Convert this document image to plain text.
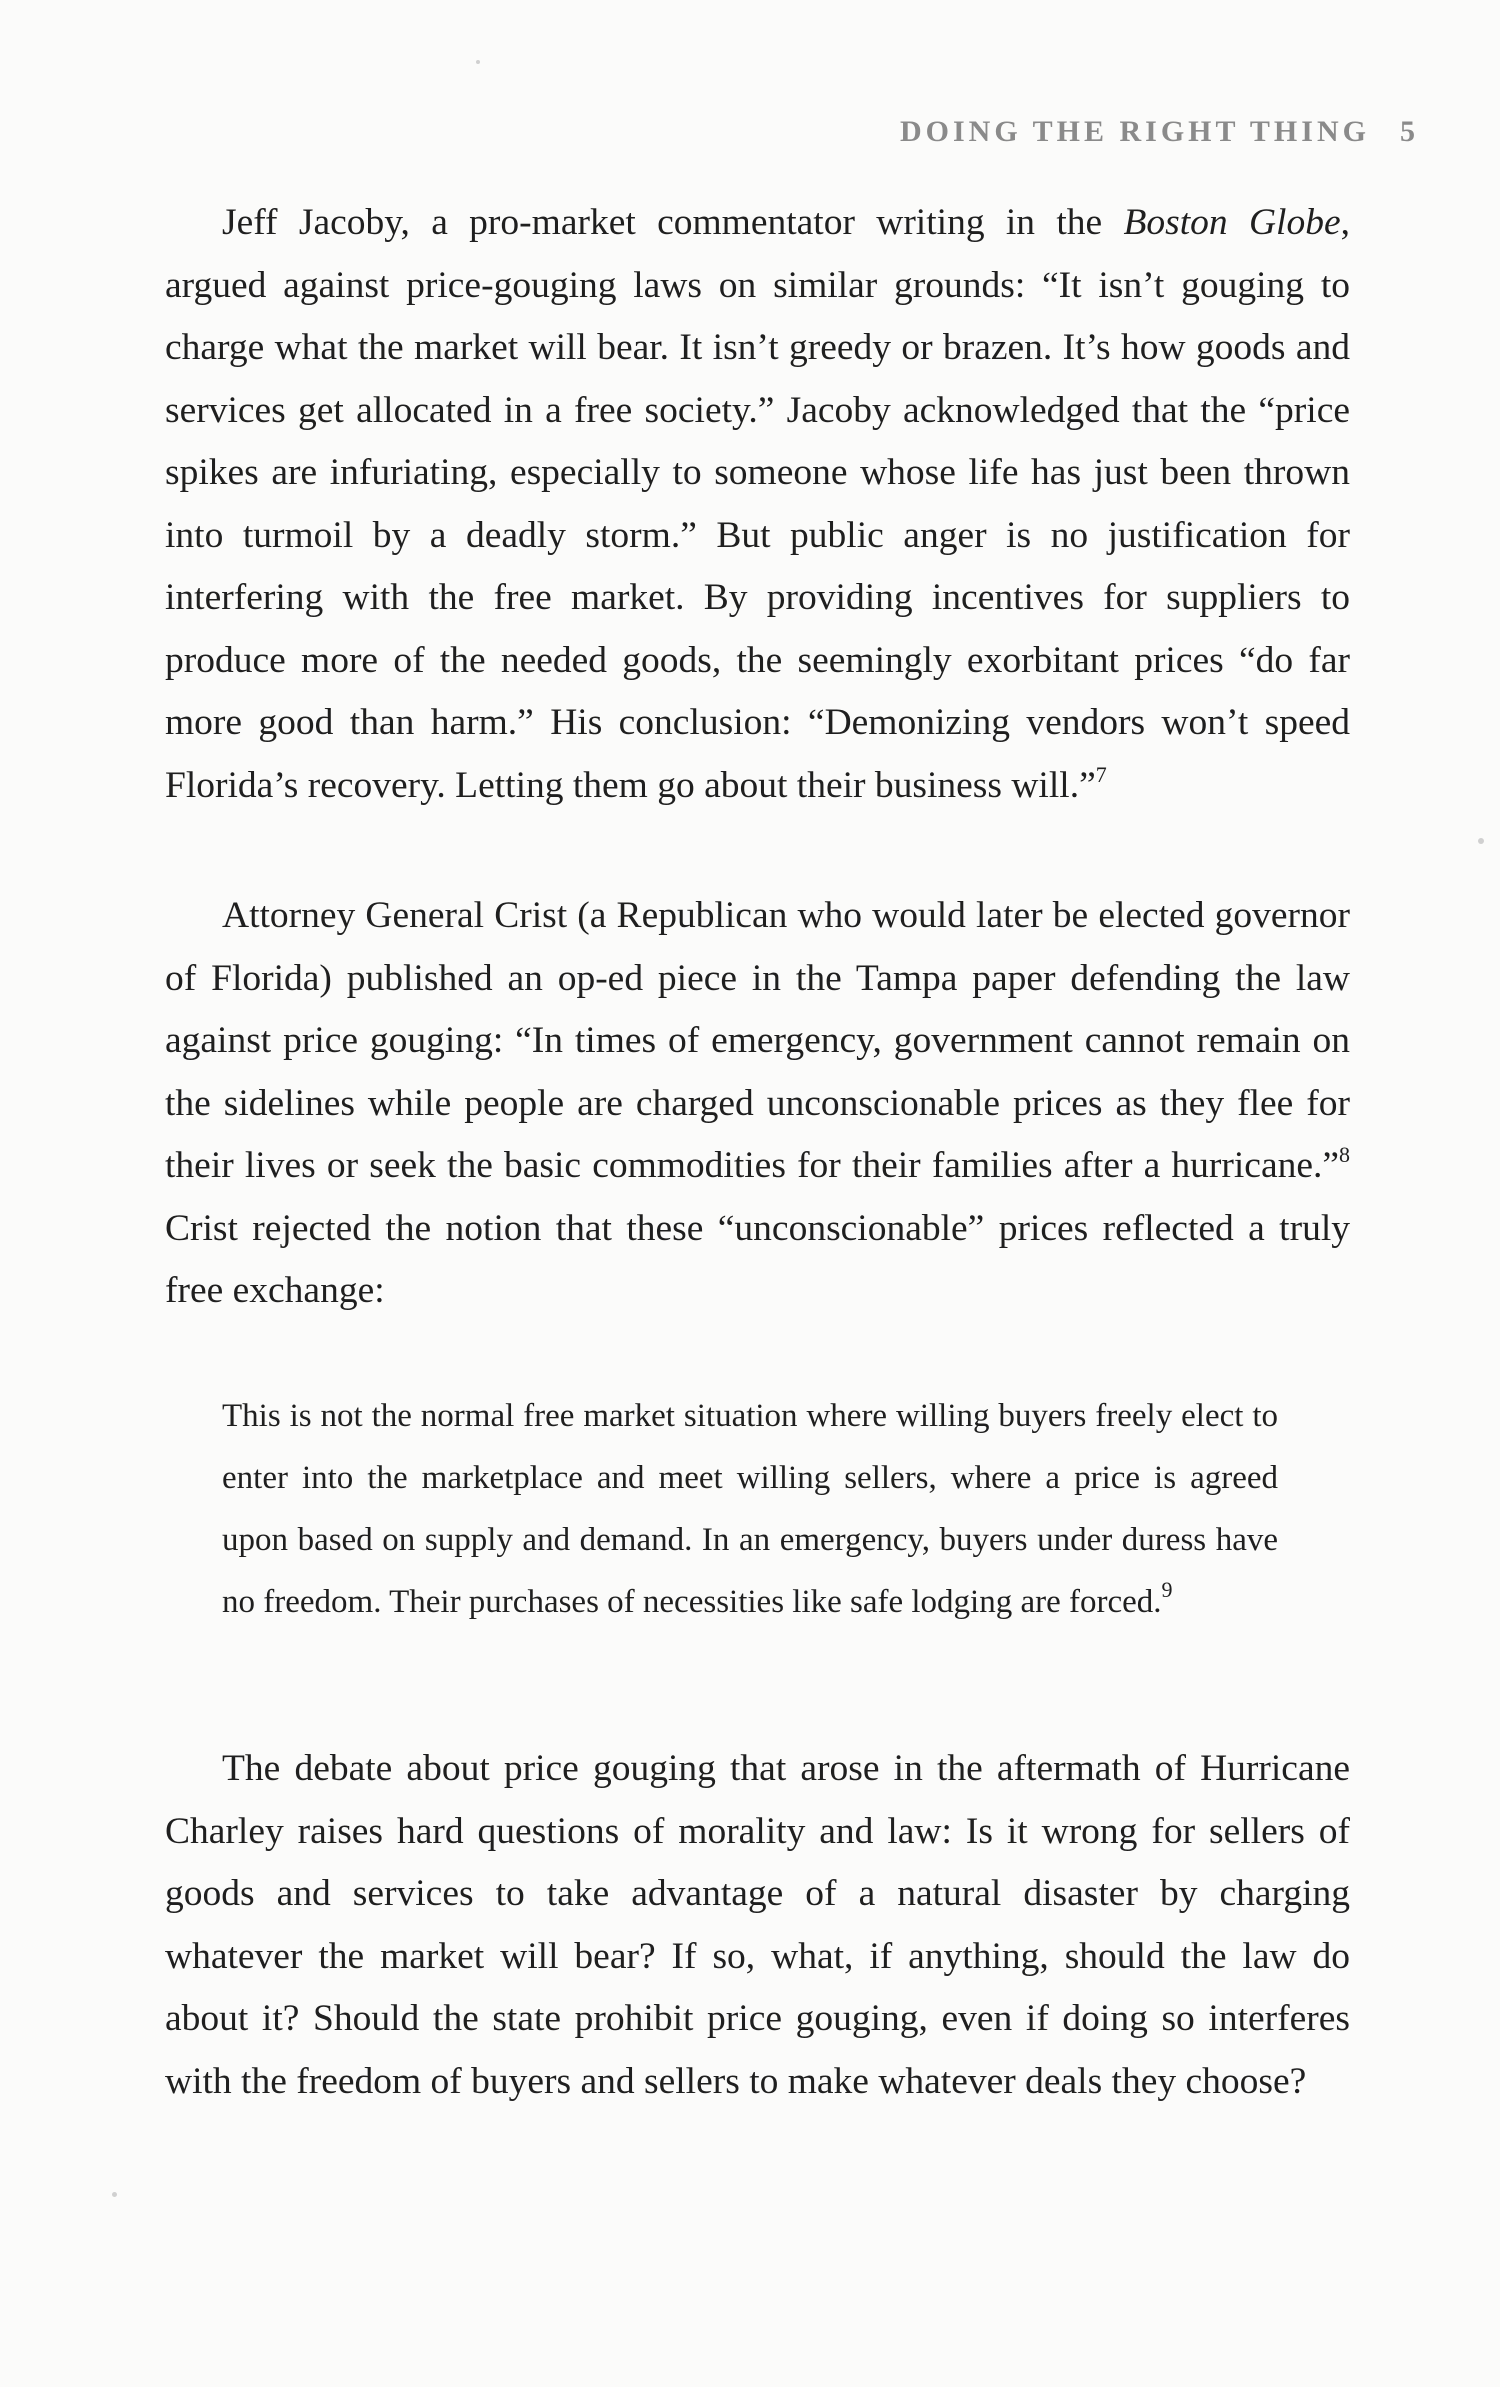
DOING THE RIGHT THING 5

Jeff Jacoby, a pro-market commentator writing in the Boston Globe, argued against price-gouging laws on similar grounds: “It isn’t gouging to charge what the market will bear. It isn’t greedy or brazen. It’s how goods and services get allocated in a free society.” Jacoby acknowledged that the “price spikes are infuriating, especially to someone whose life has just been thrown into turmoil by a deadly storm.” But public anger is no justification for interfering with the free market. By providing incentives for suppliers to produce more of the needed goods, the seemingly exorbitant prices “do far more good than harm.” His conclusion: “Demonizing vendors won’t speed Florida’s recovery. Letting them go about their business will.”$^7$

Attorney General Crist (a Republican who would later be elected governor of Florida) published an op-ed piece in the Tampa paper defending the law against price gouging: “In times of emergency, government cannot remain on the sidelines while people are charged unconscionable prices as they flee for their lives or seek the basic commodities for their families after a hurricane.”$^8$ Crist rejected the notion that these “unconscionable” prices reflected a truly free exchange:

This is not the normal free market situation where willing buyers freely elect to enter into the marketplace and meet willing sellers, where a price is agreed upon based on supply and demand. In an emergency, buyers under duress have no freedom. Their purchases of necessities like safe lodging are forced.$^9$

The debate about price gouging that arose in the aftermath of Hurricane Charley raises hard questions of morality and law: Is it wrong for sellers of goods and services to take advantage of a natural disaster by charging whatever the market will bear? If so, what, if anything, should the law do about it? Should the state prohibit price gouging, even if doing so interferes with the freedom of buyers and sellers to make whatever deals they choose?
